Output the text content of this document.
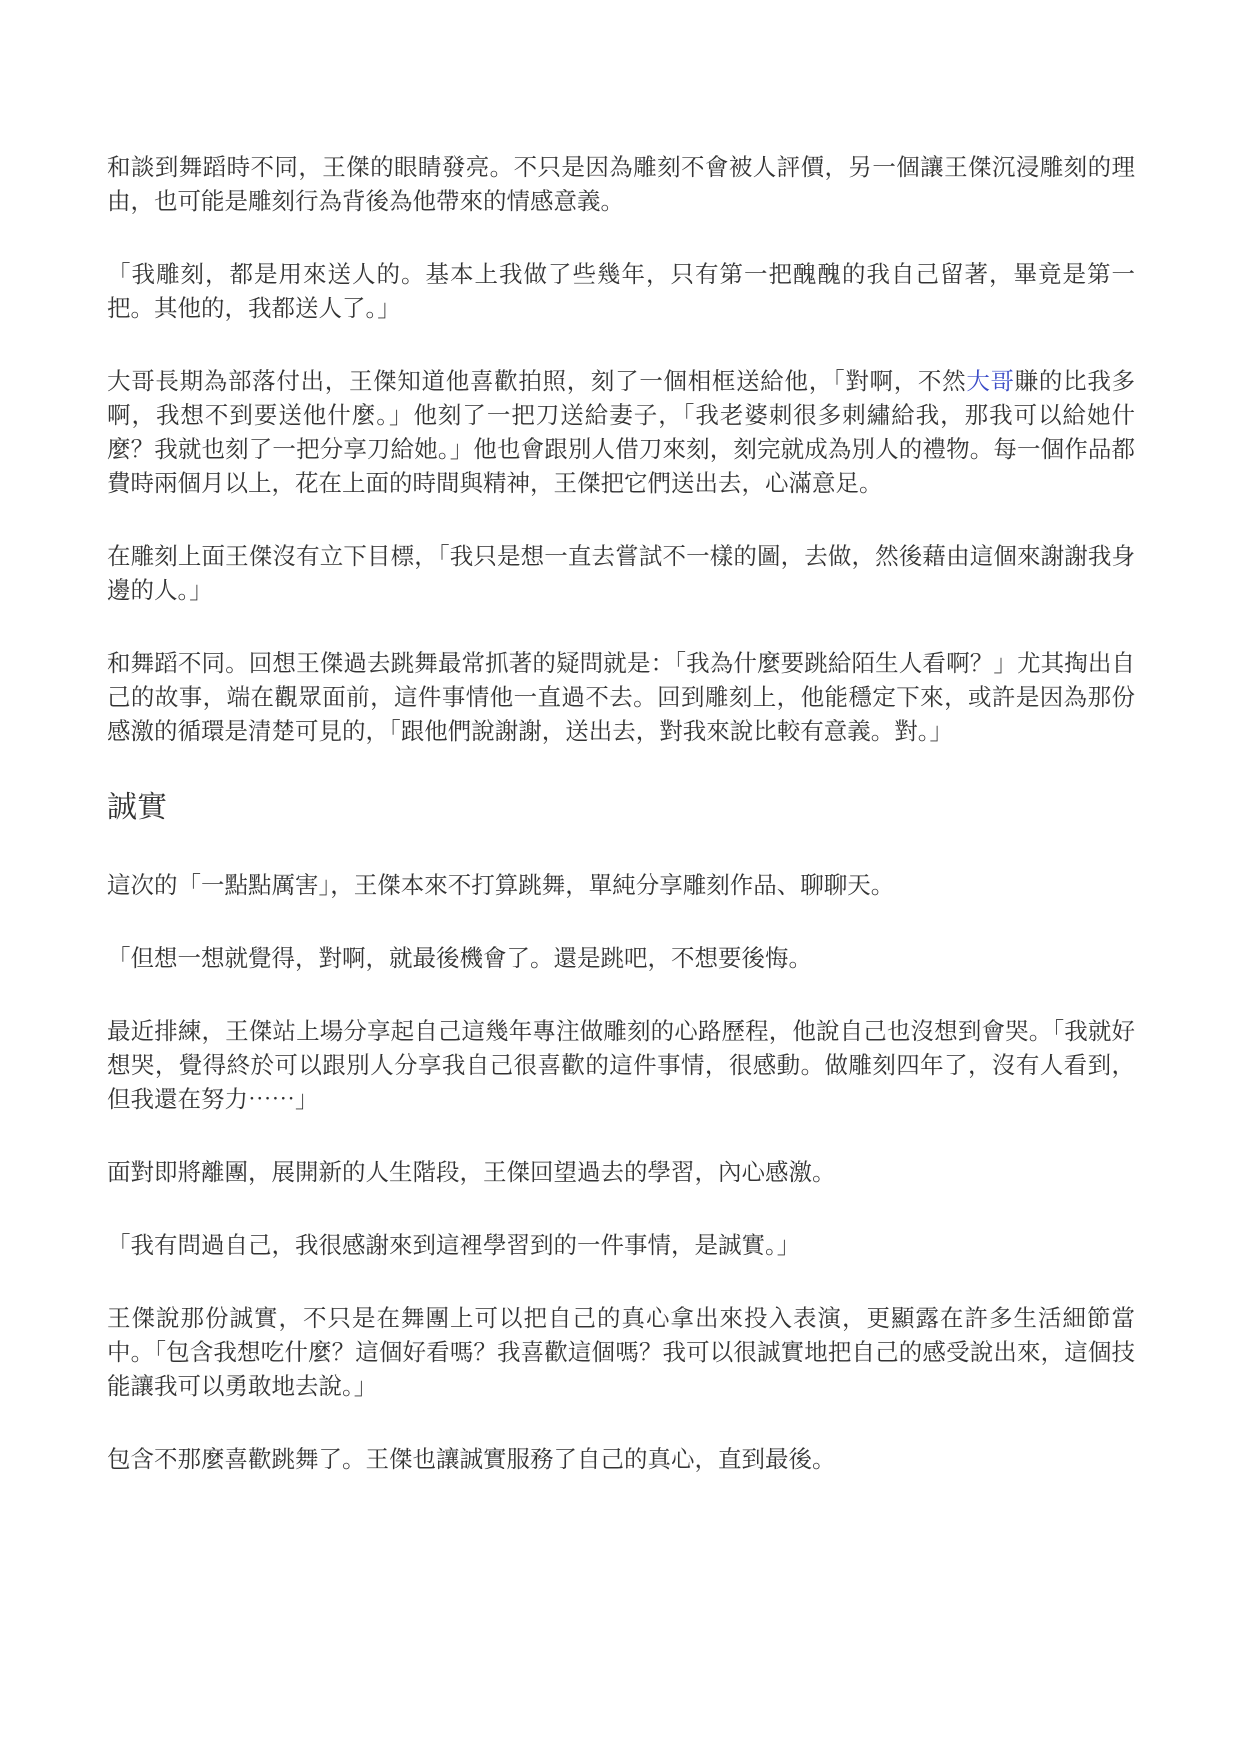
和談到舞蹈時不同，王傑的眼睛發亮。不只是因為雕刻不會被人評價，另一個讓王傑沉浸雕刻的理由，也可能是雕刻行為背後為他帶來的情感意義。

「我雕刻，都是用來送人的。基本上我做了些幾年，只有第一把醜醜的我自己留著，畢竟是第一把。其他的，我都送人了。」

大哥長期為部落付出，王傑知道他喜歡拍照，刻了一個相框送給他，「對啊，不然大哥賺的比我多啊，我想不到要送他什麼。」他刻了一把刀送給妻子，「我老婆刺很多刺繡給我，那我可以給她什麼？我就也刻了一把分享刀給她。」他也會跟別人借刀來刻，刻完就成為別人的禮物。每一個作品都費時兩個月以上，花在上面的時間與精神，王傑把它們送出去，心滿意足。

在雕刻上面王傑沒有立下目標，「我只是想一直去嘗試不一樣的圖，去做，然後藉由這個來謝謝我身邊的人。」

和舞蹈不同。回想王傑過去跳舞最常抓著的疑問就是：「我為什麼要跳給陌生人看啊？」尤其掏出自己的故事，端在觀眾面前，這件事情他一直過不去。回到雕刻上，他能穩定下來，或許是因為那份感激的循環是清楚可見的，「跟他們說謝謝，送出去，對我來說比較有意義。對。」

誠實

這次的「一點點厲害」，王傑本來不打算跳舞，單純分享雕刻作品、聊聊天。

「但想一想就覺得，對啊，就最後機會了。還是跳吧，不想要後悔。

最近排練，王傑站上場分享起自己這幾年專注做雕刻的心路歷程，他說自己也沒想到會哭。「我就好想哭，覺得終於可以跟別人分享我自己很喜歡的這件事情，很感動。做雕刻四年了，沒有人看到，但我還在努力⋯⋯」

面對即將離團，展開新的人生階段，王傑回望過去的學習，內心感激。

「我有問過自己，我很感謝來到這裡學習到的一件事情，是誠實。」

王傑說那份誠實，不只是在舞團上可以把自己的真心拿出來投入表演，更顯露在許多生活細節當中。「包含我想吃什麼？這個好看嗎？我喜歡這個嗎？我可以很誠實地把自己的感受說出來，這個技能讓我可以勇敢地去說。」

包含不那麼喜歡跳舞了。王傑也讓誠實服務了自己的真心，直到最後。
